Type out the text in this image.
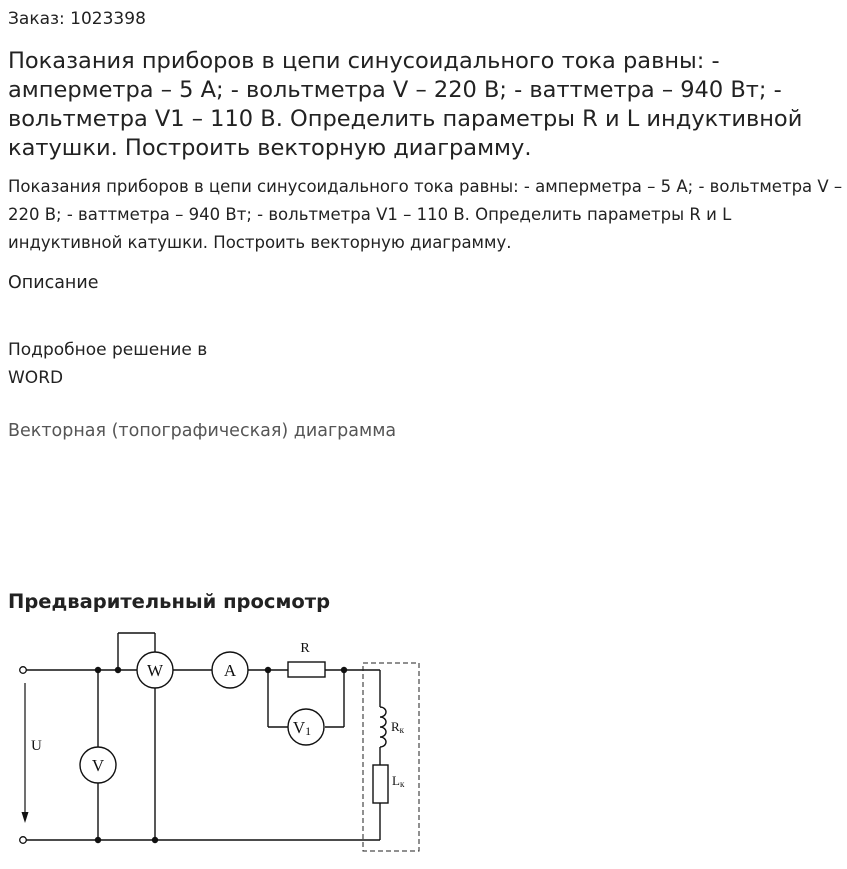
Заказ: 1023398
Показания приборов в цепи синусоидального тока равны: - амперметра – 5 А; - вольтметра V – 220 В; - ваттметра – 940 Вт; - вольтметра V1 – 110 В. Определить параметры R и L индуктивной катушки. Построить векторную диаграмму.
Показания приборов в цепи синусоидального тока равны: - амперметра – 5 А; - вольтметра V – 220 В; - ваттметра – 940 Вт; - вольтметра V1 – 110 В. Определить параметры R и L индуктивной катушки. Построить векторную диаграмму.
Описание
Подробное решение в WORD
Векторная (топографическая) диаграмма
Предварительный просмотр
U
W	A
V
R
V1	Rк
Lк
